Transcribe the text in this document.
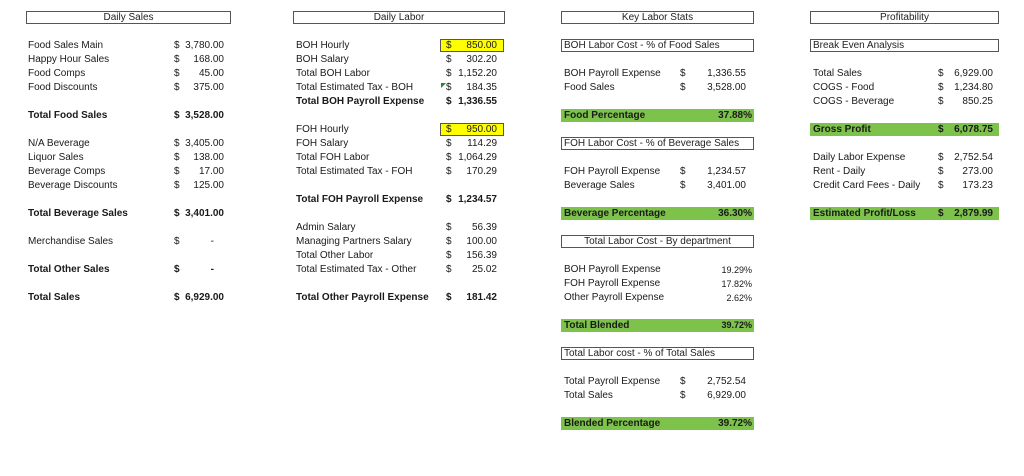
Daily Sales
Food Sales Main	$ 3,780.00
Happy Hour Sales	$ 168.00
Food Comps	$ 45.00
Food Discounts	$ 375.00
Total Food Sales	$ 3,528.00
N/A Beverage	$ 3,405.00
Liquor Sales	$ 138.00
Beverage Comps	$ 17.00
Beverage Discounts	$ 125.00
Total Beverage Sales	$ 3,401.00
Merchandise Sales	$	-
Total Other Sales	$	-
Total Sales	$ 6,929.00
Daily Labor
BOH Hourly	$ 850.00
BOH Salary	$ 302.20
Total BOH Labor	$ 1,152.20
Total Estimated Tax - BOH	$ 184.35
Total BOH Payroll Expense $ 1,336.55
FOH Hourly	$ 950.00
FOH Salary	$ 114.29
Total FOH Labor	$ 1,064.29
Total Estimated Tax - FOH	$ 170.29
Total FOH Payroll Expense $ 1,234.57
Admin Salary	$ 56.39
Managing Partners Salary	$ 100.00
Total Other Labor	$ 156.39
Total Estimated Tax - Other	$ 25.02
Total Other Payroll Expense $ 181.42
Key Labor Stats
BOH Labor Cost - % of Food Sales
BOH Payroll Expense $ 1,336.55
Food Sales	$ 3,528.00
Food Percentage	37.88%
FOH Labor Cost - % of Beverage Sales
FOH Payroll Expense $ 1,234.57
Beverage Sales	$ 3,401.00
Beverage Percentage	36.30%
Total Labor Cost - By department
BOH Payroll Expense	19.29%
FOH Payroll Expense	17.82%
Other Payroll Expense	2.62%
Total Blended	39.72%
Total Labor cost - % of Total Sales
Total Payroll Expense $ 2,752.54
Total Sales	$ 6,929.00
Blended Percentage	39.72%
Profitability
Break Even Analysis
Total Sales	$ 6,929.00
COGS - Food	$ 1,234.80
COGS - Beverage	$ 850.25
Gross Profit	$ 6,078.75
Daily Labor Expense	$ 2,752.54
Rent - Daily	$ 273.00
Credit Card Fees - Daily $ 173.23
Estimated Profit/Loss $ 2,879.99
